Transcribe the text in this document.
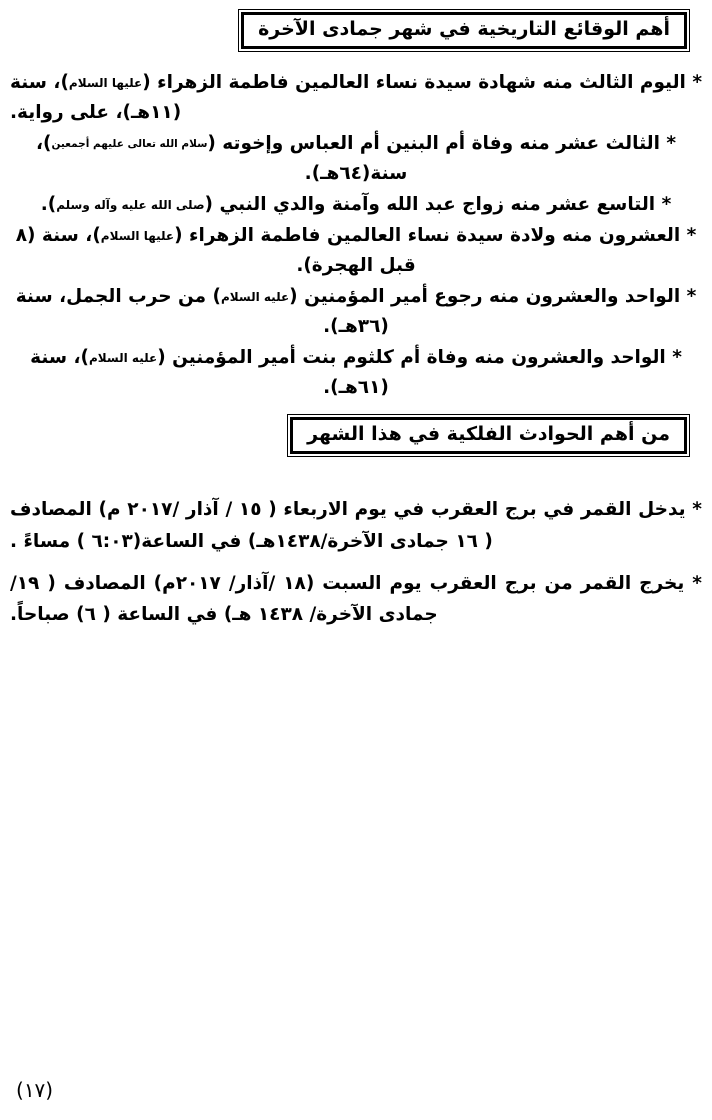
أهم الوقائع التاريخية في شهر جمادى الآخرة

* اليوم الثالث منه شهادة سيدة نساء العالمين فاطمة الزهراء (عليها السلام)، سنة (١١هـ)، على رواية.

* الثالث عشر منه وفاة أم البنين أم العباس وإخوته (سلام الله تعالى عليهم أجمعين)، سنة(٦٤هـ).

* التاسع عشر منه زواج عبد الله وآمنة والدي النبي (صلى الله عليه وآله وسلم).

* العشرون منه ولادة سيدة نساء العالمين فاطمة الزهراء (عليها السلام)، سنة (٨ قبل الهجرة).

* الواحد والعشرون منه رجوع أمير المؤمنين (عليه السلام) من حرب الجمل، سنة (٣٦هـ).

* الواحد والعشرون منه وفاة أم كلثوم بنت أمير المؤمنين (عليه السلام)، سنة (٦١هـ).

من أهم الحوادث الفلكية في هذا الشهر

* يدخل القمر في برج العقرب في يوم الاربعاء ( ١٥ / آذار /٢٠١٧ م) المصادف ( ١٦ جمادى الآخرة/١٤٣٨هـ) في الساعة(٦:٠٣ ) مساءً .

* يخرج القمر من برج العقرب يوم السبت (١٨ /آذار/ ٢٠١٧م) المصادف ( ١٩/ جمادى الآخرة/ ١٤٣٨ هـ) في الساعة ( ٦) صباحاً.

(١٧)
